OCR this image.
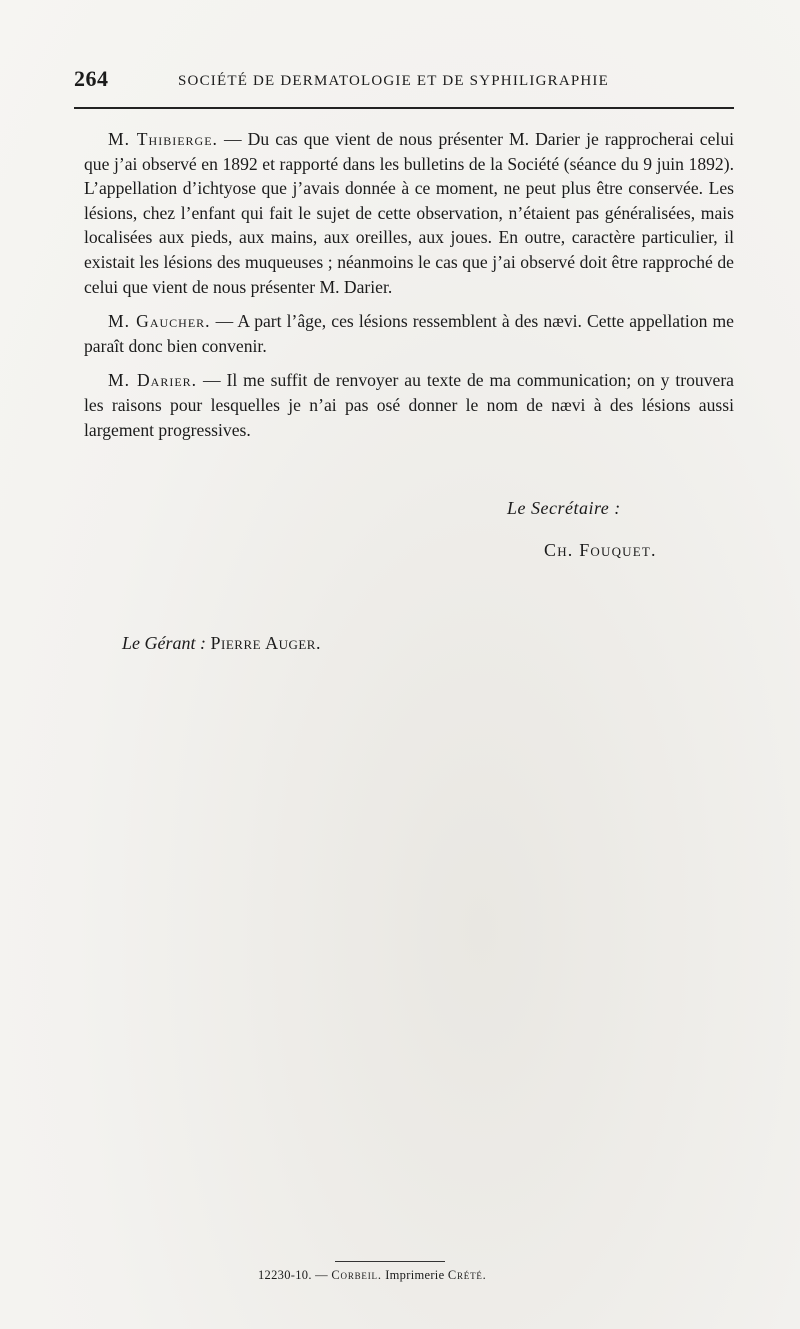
264	SOCIÉTÉ DE DERMATOLOGIE ET DE SYPHILIGRAPHIE

M. Thibierge. — Du cas que vient de nous présenter M. Darier je rapprocherai celui que j’ai observé en 1892 et rapporté dans les bulletins de la Société (séance du 9 juin 1892). L’appellation d’ichtyose que j’avais donnée à ce moment, ne peut plus être conservée. Les lésions, chez l’enfant qui fait le sujet de cette observation, n’étaient pas généralisées, mais localisées aux pieds, aux mains, aux oreilles, aux joues. En outre, caractère particulier, il existait les lésions des muqueuses ; néanmoins le cas que j’ai observé doit être rapproché de celui que vient de nous présenter M. Darier.

M. Gaucher. — A part l’âge, ces lésions ressemblent à des nævi. Cette appellation me paraît donc bien convenir.

M. Darier. — Il me suffit de renvoyer au texte de ma communication; on y trouvera les raisons pour lesquelles je n’ai pas osé donner le nom de nævi à des lésions aussi largement progressives.

Le Secrétaire :
Ch. Fouquet.
Le Gérant : Pierre Auger.
12230-10. — Corbeil. Imprimerie Crété.
